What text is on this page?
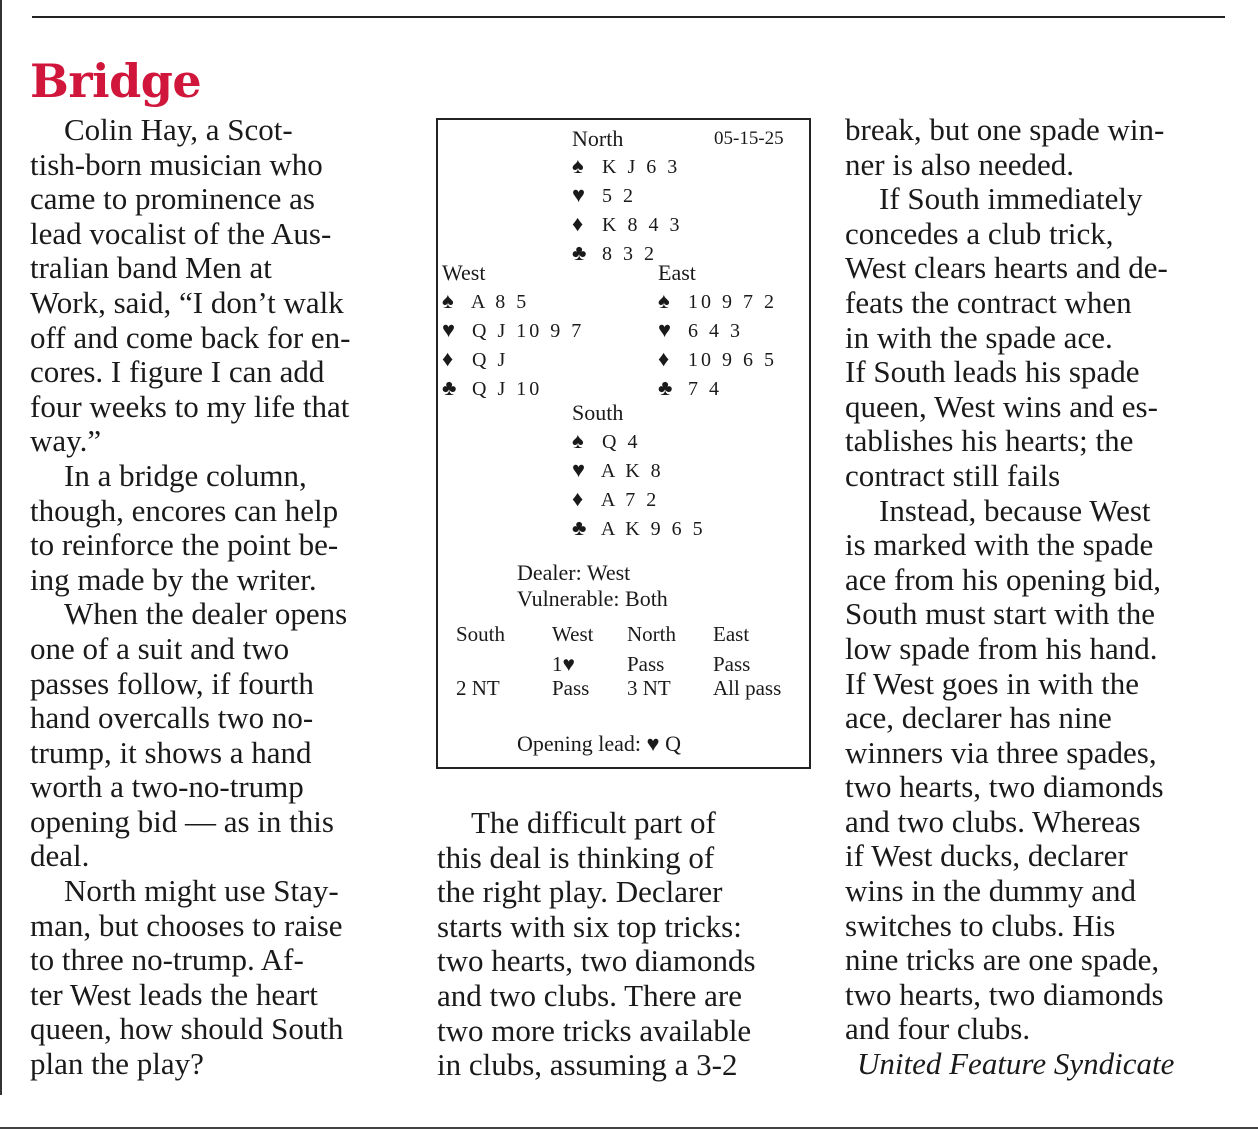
Bridge
Colin Hay, a Scot-
tish-born musician who
came to prominence as
lead vocalist of the Aus-
tralian band Men at
Work, said, “I don’t walk
off and come back for en-
cores. I figure I can add
four weeks to my life that
way.”
In a bridge column,
though, encores can help
to reinforce the point be-
ing made by the writer.
When the dealer opens
one of a suit and two
passes follow, if fourth
hand overcalls two no-
trump, it shows a hand
worth a two-no-trump
opening bid — as in this
deal.
North might use Stay-
man, but chooses to raise
to three no-trump. Af-
ter West leads the heart
queen, how should South
plan the play?
The difficult part of
this deal is thinking of
the right play. Declarer
starts with six top tricks:
two hearts, two diamonds
and two clubs. There are
two more tricks available
in clubs, assuming a 3-2
break, but one spade win-
ner is also needed.
If South immediately
concedes a club trick,
West clears hearts and de-
feats the contract when
in with the spade ace.
If South leads his spade
queen, West wins and es-
tablishes his hearts; the
contract still fails
Instead, because West
is marked with the spade
ace from his opening bid,
South must start with the
low spade from his hand.
If West goes in with the
ace, declarer has nine
winners via three spades,
two hearts, two diamonds
and two clubs. Whereas
if West ducks, declarer
wins in the dummy and
switches to clubs. His
nine tricks are one spade,
two hearts, two diamonds
and four clubs.
United Feature Syndicate
North	05-15-25
♠ K J 6 3
♥ 5 2
♦ K 8 4 3
♣ 8 3 2
West	East
♠ A 8 5
♥ Q J 10 9 7
♦ Q J
♣ Q J 10
♠ 10 9 7 2
♥ 6 4 3
♦ 10 9 6 5
♣ 7 4
South
♠ Q 4
♥ A K 8
♦ A 7 2
♣ A K 9 6 5
Dealer: West
Vulnerable: Both
South West North East
1♥ Pass Pass
2 NT Pass 3 NT All pass
Opening lead: ♥ Q
